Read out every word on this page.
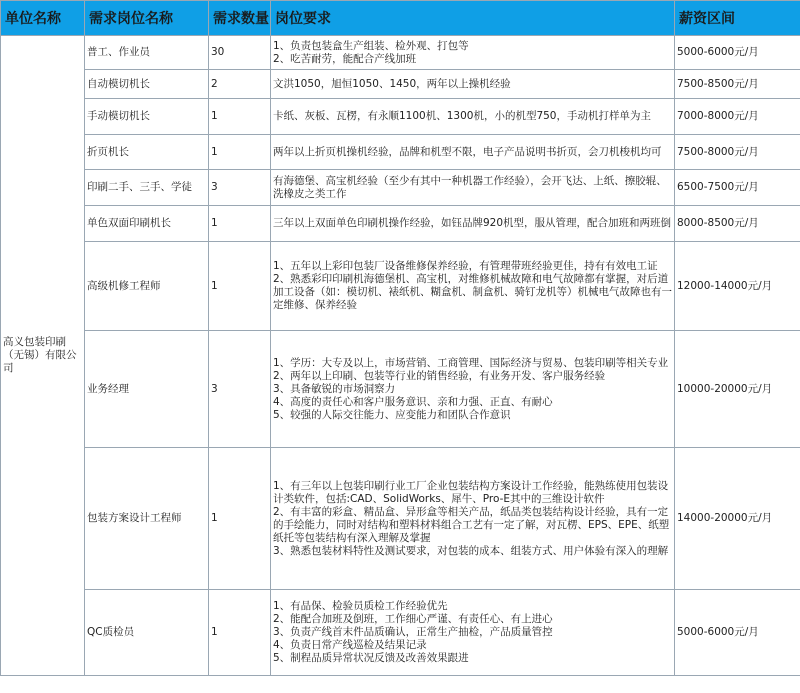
单位名称	需求岗位名称	需求数量	岗位要求	薪资区间
高义包装印刷（无锡）有限公司	普工、作业员	30	1、负责包装盒生产组装、检外观、打包等
2、吃苦耐劳，能配合产线加班	5000-6000元/月
	自动模切机长	2	文洪1050，旭恒1050、1450，两年以上操机经验	7500-8500元/月
	手动模切机长	1	卡纸、灰板、瓦楞，有永顺1100机、1300机，小的机型750，手动机打样单为主	7000-8000元/月
	折页机长	1	两年以上折页机操机经验，品牌和机型不限，电子产品说明书折页，会刀机梭机均可	7500-8000元/月
	印刷二手、三手、学徒	3	有海德堡、高宝机经验（至少有其中一种机器工作经验），会开飞达、上纸、擦胶辊、洗橡皮之类工作	6500-7500元/月
	单色双面印刷机长	1	三年以上双面单色印刷机操作经验，如钰品牌920机型，服从管理，配合加班和两班倒	8000-8500元/月
	高级机修工程师	1	1、五年以上彩印包装厂设备维修保养经验，有管理带班经验更佳，持有有效电工证
2、熟悉彩印印刷机海德堡机、高宝机，对维修机械故障和电气故障都有掌握，对后道加工设备（如：模切机、裱纸机、糊盒机、制盒机、骑钉龙机等）机械电气故障也有一定维修、保养经验	12000-14000元/月
	业务经理	3	1、学历：大专及以上，市场营销、工商管理、国际经济与贸易、包装印刷等相关专业
2、两年以上印刷、包装等行业的销售经验，有业务开发、客户服务经验
3、具备敏锐的市场洞察力
4、高度的责任心和客户服务意识、亲和力强、正直、有耐心
5、较强的人际交往能力、应变能力和团队合作意识	10000-20000元/月
	包装方案设计工程师	1	1、有三年以上包装印刷行业工厂企业包装结构方案设计工作经验，能熟练使用包装设计类软件，包括:CAD、SolidWorks、犀牛、Pro-E其中的三维设计软件
2、有丰富的彩盒、精品盒、异形盒等相关产品，纸品类包装结构设计经验，具有一定的手绘能力，同时对结构和塑料材料组合工艺有一定了解，对瓦楞、EPS、EPE、纸塑纸托等包装结构有深入理解及掌握
3、熟悉包装材料特性及测试要求，对包装的成本、组装方式、用户体验有深入的理解	14000-20000元/月
	QC质检员	1	1、有品保、检验员质检工作经验优先
2、能配合加班及倒班，工作细心严谨、有责任心、有上进心
3、负责产线首末件品质确认，正常生产抽检，产品质量管控
4、负责日常产线巡检及结果记录
5、制程品质异常状况反馈及改善效果跟进	5000-6000元/月
